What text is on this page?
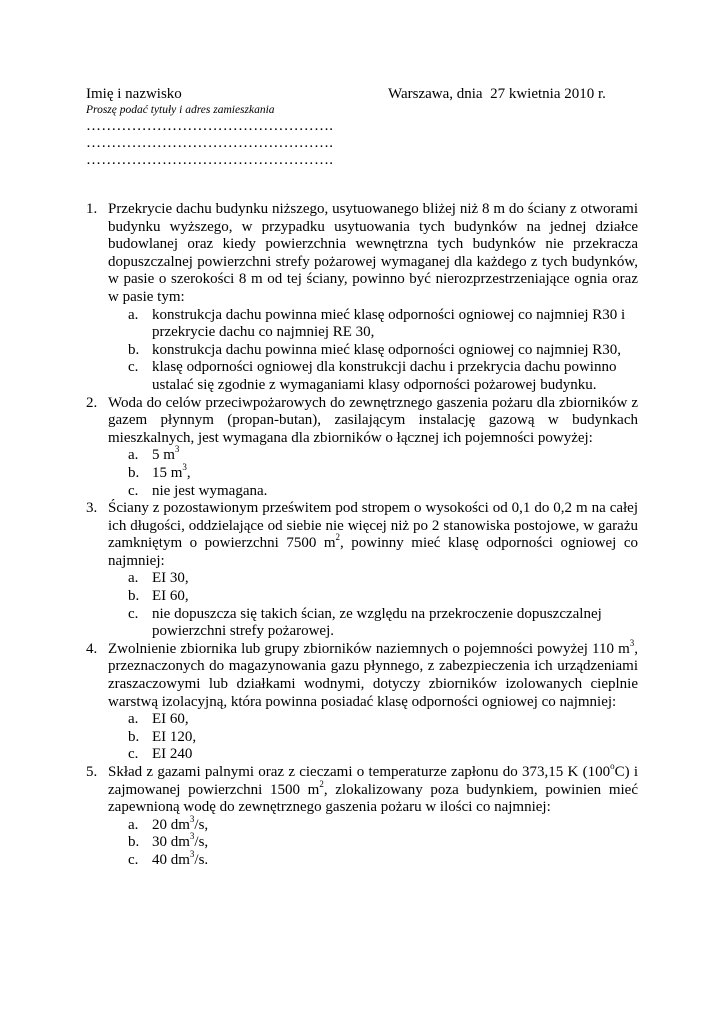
Imię i nazwisko
Proszę podać tytuły i adres zamieszkania
………………………………………….
………………………………………….
………………………………………….
Warszawa, dnia  27 kwietnia 2010 r.
1. Przekrycie dachu budynku niższego, usytuowanego bliżej niż 8 m do ściany z otworami budynku wyższego, w przypadku usytuowania tych budynków na jednej działce budowlanej oraz kiedy powierzchnia wewnętrzna tych budynków nie przekracza dopuszczalnej powierzchni strefy pożarowej wymaganej dla każdego z tych budynków, w pasie o szerokości 8 m od tej ściany, powinno być nierozprzestrzeniające ognia oraz w pasie tym:

a. konstrukcja dachu powinna mieć klasę odporności ogniowej co najmniej R30 i przekrycie dachu co najmniej RE 30,
b. konstrukcja dachu powinna mieć klasę odporności ogniowej co najmniej R30,
c. klasę odporności ogniowej dla konstrukcji dachu i przekrycia dachu powinno ustalać się zgodnie z wymaganiami klasy odporności pożarowej budynku.
2. Woda do celów przeciwpożarowych do zewnętrznego gaszenia pożaru dla zbiorników z gazem płynnym (propan-butan), zasilającym instalację gazową w budynkach mieszkalnych, jest wymagana dla zbiorników o łącznej ich pojemności powyżej:

a. 5 $m^3$
b. 15 $m^3$,
c. nie jest wymagana.
3. Ściany z pozostawionym prześwitem pod stropem o wysokości od 0,1 do 0,2 m na całej ich długości, oddzielające od siebie nie więcej niż po 2 stanowiska postojowe, w garażu zamkniętym o powierzchni 7500 $m^2$, powinny mieć klasę odporności ogniowej co najmniej:

a. EI 30,
b. EI 60,
c. nie dopuszcza się takich ścian, ze względu na przekroczenie dopuszczalnej powierzchni strefy pożarowej.
4. Zwolnienie zbiornika lub grupy zbiorników naziemnych o pojemności powyżej 110 $m^3$, przeznaczonych do magazynowania gazu płynnego, z zabezpieczenia ich urządzeniami zraszaczowymi lub działkami wodnymi, dotyczy zbiorników izolowanych cieplnie warstwą izolacyjną, która powinna posiadać klasę odporności ogniowej co najmniej:

a. EI 60,
b. EI 120,
c. EI 240
5. Skład z gazami palnymi oraz z cieczami o temperaturze zapłonu do 373,15 K (100$^o$C) i zajmowanej powierzchni 1500 $m^2$, zlokalizowany poza budynkiem, powinien mieć zapewnioną wodę do zewnętrznego gaszenia pożaru w ilości co najmniej:

a. 20 $dm^3/s$,
b. 30 $dm^3/s$,
c. 40 $dm^3/s$.
